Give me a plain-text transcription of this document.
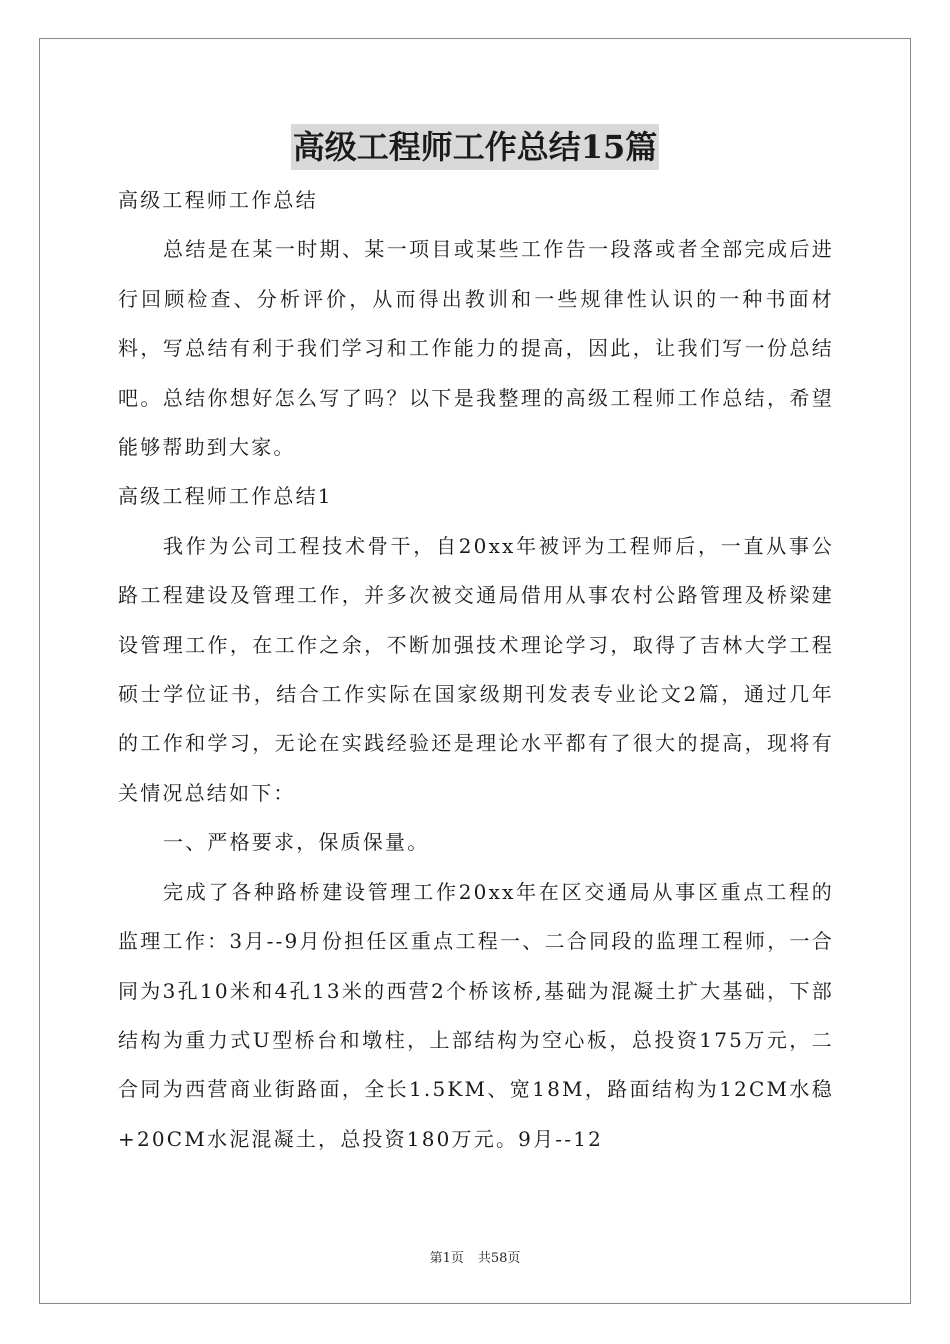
高级工程师工作总结15篇

高级工程师工作总结

总结是在某一时期、某一项目或某些工作告一段落或者全部完成后进行回顾检查、分析评价，从而得出教训和一些规律性认识的一种书面材料，写总结有利于我们学习和工作能力的提高，因此，让我们写一份总结吧。总结你想好怎么写了吗？以下是我整理的高级工程师工作总结，希望能够帮助到大家。

高级工程师工作总结1

我作为公司工程技术骨干，自20xx年被评为工程师后，一直从事公路工程建设及管理工作，并多次被交通局借用从事农村公路管理及桥梁建设管理工作，在工作之余，不断加强技术理论学习，取得了吉林大学工程硕士学位证书，结合工作实际在国家级期刊发表专业论文2篇，通过几年的工作和学习，无论在实践经验还是理论水平都有了很大的提高，现将有关情况总结如下：

一、严格要求，保质保量。

完成了各种路桥建设管理工作20xx年在区交通局从事区重点工程的监理工作：3月--9月份担任区重点工程一、二合同段的监理工程师，一合同为3孔10米和4孔13米的西营2个桥该桥,基础为混凝土扩大基础，下部结构为重力式U型桥台和墩柱，上部结构为空心板，总投资175万元，二合同为西营商业街路面，全长1.5KM、宽18M，路面结构为12CM水稳+20CM水泥混凝土，总投资180万元。9月--12

第1页 共58页
